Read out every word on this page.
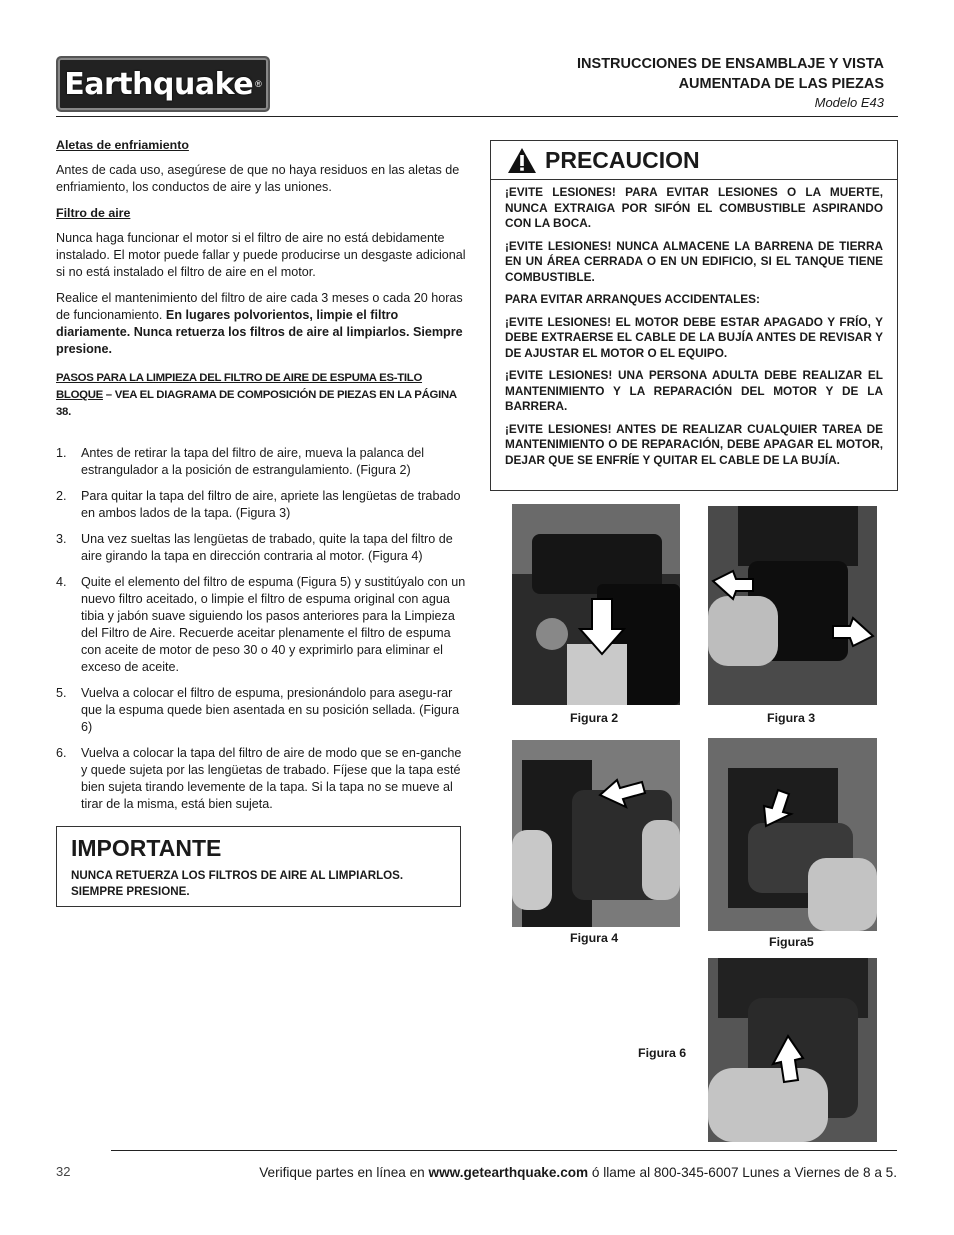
Earthquake ®
INSTRUCCIONES DE ENSAMBLAJE Y VISTA
AUMENTADA DE LAS PIEZAS
Modelo E43
Aletas de enfriamiento

Antes de cada uso, asegúrese de que no haya residuos en las aletas de enfriamiento, los conductos de aire y las uniones.

Filtro de aire

Nunca haga funcionar el motor si el filtro de aire no está debidamente instalado. El motor puede fallar y puede producirse un desgaste adicional si no está instalado el filtro de aire en el motor.

Realice el mantenimiento del filtro de aire cada 3 meses o cada 20 horas de funcionamiento. En lugares polvorientos, limpie el filtro diariamente. Nunca retuerza los filtros de aire al limpiarlos. Siempre presione.

PASOS PARA LA LIMPIEZA DEL FILTRO DE AIRE DE ESPUMA ES-TILO BLOQUE – VEA EL DIAGRAMA DE COMPOSICIÓN DE PIEZAS EN LA PÁGINA 38.
1. Antes de retirar la tapa del filtro de aire, mueva la palanca del estrangulador a la posición de estrangulamiento. (Figura 2)
2. Para quitar la tapa del filtro de aire, apriete las lengüetas de trabado en ambos lados de la tapa. (Figura 3)
3. Una vez sueltas las lengüetas de trabado, quite la tapa del filtro de aire girando la tapa en dirección contraria al motor. (Figura 4)
4. Quite el elemento del filtro de espuma (Figura 5) y sustitúyalo con un nuevo filtro aceitado, o limpie el filtro de espuma original con agua tibia y jabón suave siguiendo los pasos anteriores para la Limpieza del Filtro de Aire. Recuerde aceitar plenamente el filtro de espuma con aceite de motor de peso 30 o 40 y exprimirlo para eliminar el exceso de aceite.
5. Vuelva a colocar el filtro de espuma, presionándolo para asegu-rar que la espuma quede bien asentada en su posición sellada. (Figura 6)
6. Vuelva a colocar la tapa del filtro de aire de modo que se en-ganche y quede sujeta por las lengüetas de trabado. Fíjese que la tapa esté bien sujeta tirando levemente de la tapa. Si la tapa no se mueve al tirar de la misma, está bien sujeta.
IMPORTANTE
NUNCA RETUERZA LOS FILTROS DE AIRE AL LIMPIARLOS. SIEMPRE PRESIONE.
PRECAUCION

¡EVITE LESIONES! PARA EVITAR LESIONES O LA MUERTE, NUNCA EXTRAIGA POR SIFÓN EL COMBUSTIBLE ASPIRANDO CON LA BOCA.

¡EVITE LESIONES! NUNCA ALMACENE LA BARRENA DE TIERRA EN UN ÁREA CERRADA O EN UN EDIFICIO, SI EL TANQUE TIENE COMBUSTIBLE.

PARA EVITAR ARRANQUES ACCIDENTALES:

¡EVITE LESIONES! EL MOTOR DEBE ESTAR APAGADO Y FRÍO, Y DEBE EXTRAERSE EL CABLE DE LA BUJÍA ANTES DE REVISAR Y DE AJUSTAR EL MOTOR O EL EQUIPO.

¡EVITE LESIONES! UNA PERSONA ADULTA DEBE REALIZAR EL MANTENIMIENTO Y LA REPARACIÓN DEL MOTOR Y DE LA BARRERA.

¡EVITE LESIONES! ANTES DE REALIZAR CUALQUIER TAREA DE MANTENIMIENTO O DE REPARACIÓN, DEBE APAGAR EL MOTOR, DEJAR QUE SE ENFRÍE Y QUITAR EL CABLE DE LA BUJÍA.

Figura 2	Figura 3
Figura 4	Figura5
Figura 6
32	Verifique partes en línea en www.getearthquake.com ó llame al 800-345-6007 Lunes a Viernes de 8 a 5.
